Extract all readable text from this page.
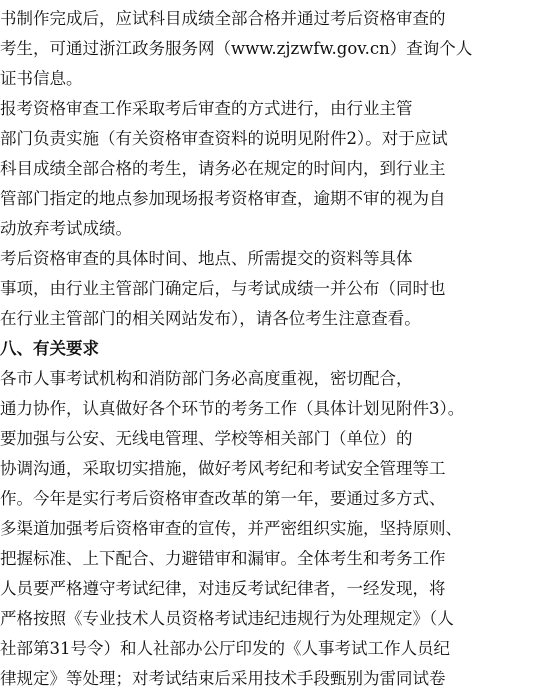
书制作完成后，应试科目成绩全部合格并通过考后资格审查的
考生，可通过浙江政务服务网（www.zjzwfw.gov.cn）查询个人
证书信息。
报考资格审查工作采取考后审查的方式进行，由行业主管
部门负责实施（有关资格审查资料的说明见附件2）。对于应试
科目成绩全部合格的考生，请务必在规定的时间内，到行业主
管部门指定的地点参加现场报考资格审查，逾期不审的视为自
动放弃考试成绩。
考后资格审查的具体时间、地点、所需提交的资料等具体
事项，由行业主管部门确定后，与考试成绩一并公布（同时也
在行业主管部门的相关网站发布），请各位考生注意查看。
八、有关要求
各市人事考试机构和消防部门务必高度重视，密切配合，
通力协作，认真做好各个环节的考务工作（具体计划见附件3）。
要加强与公安、无线电管理、学校等相关部门（单位）的
协调沟通，采取切实措施，做好考风考纪和考试安全管理等工
作。今年是实行考后资格审查改革的第一年，要通过多方式、
多渠道加强考后资格审查的宣传，并严密组织实施，坚持原则、
把握标准、上下配合、力避错审和漏审。全体考生和考务工作
人员要严格遵守考试纪律，对违反考试纪律者，一经发现，将
严格按照《专业技术人员资格考试违纪违规行为处理规定》（人
社部第31号令）和人社部办公厅印发的《人事考试工作人员纪
律规定》等处理；对考试结束后采用技术手段甄别为雷同试卷
